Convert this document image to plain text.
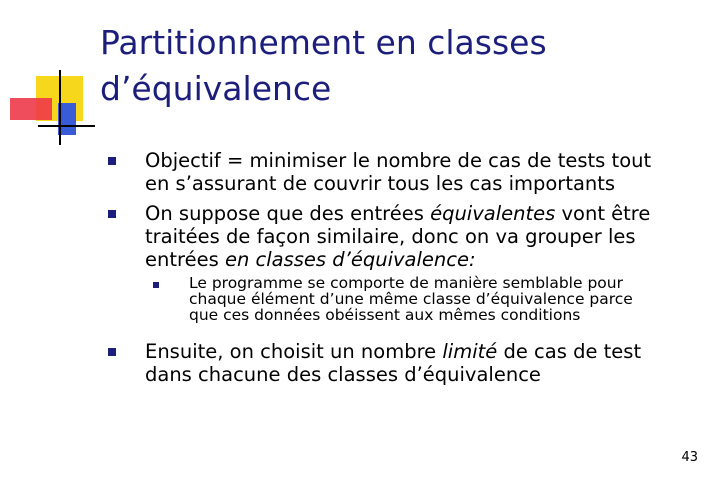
Partitionnement en classes
d’équivalence
Objectif = minimiser le nombre de cas de tests tout
en s’assurant de couvrir tous les cas importants
On suppose que des entrées équivalentes vont être
traitées de façon similaire, donc on va grouper les
entrées en classes d’équivalence:
Le programme se comporte de manière semblable pour
chaque élément d’une même classe d’équivalence parce
que ces données obéissent aux mêmes conditions
Ensuite, on choisit un nombre limité de cas de test
dans chacune des classes d’équivalence
43
